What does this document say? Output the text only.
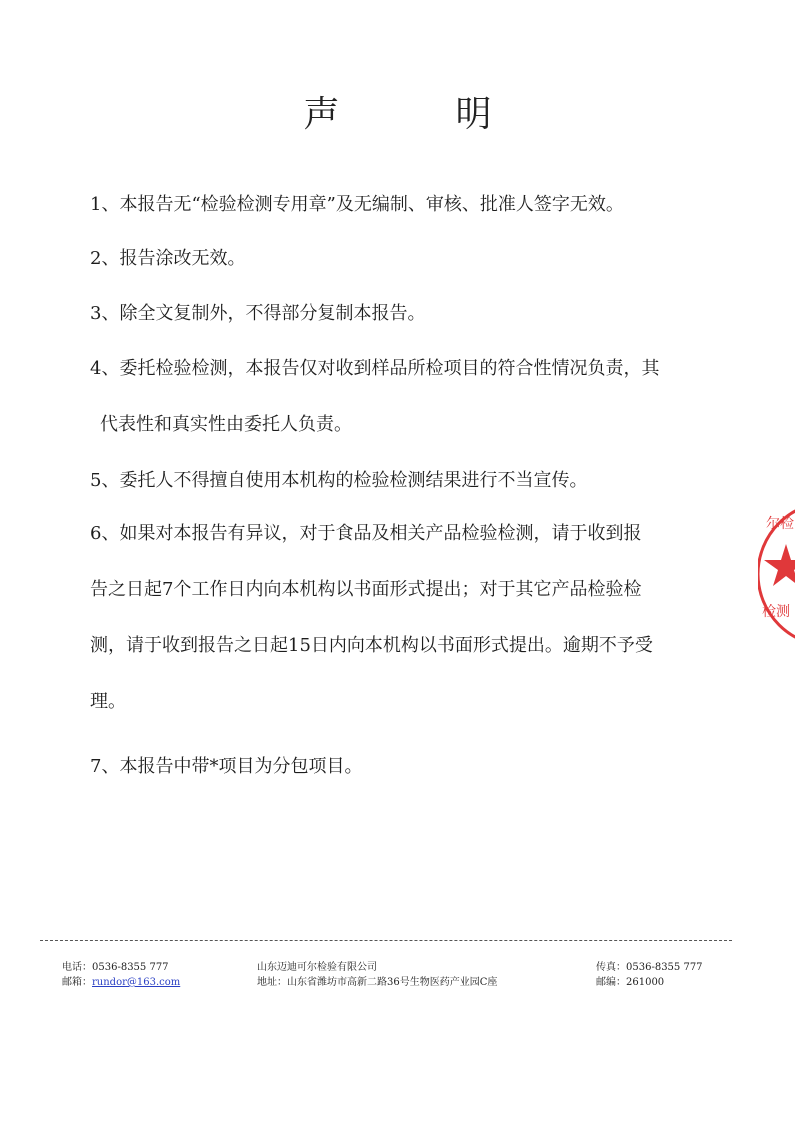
声　明
1、本报告无“检验检测专用章”及无编制、审核、批准人签字无效。
2、报告涂改无效。
3、除全文复制外，不得部分复制本报告。
4、委托检验检测，本报告仅对收到样品所检项目的符合性情况负责，其
代表性和真实性由委托人负责。
5、委托人不得擅自使用本机构的检验检测结果进行不当宣传。
6、如果对本报告有异议，对于食品及相关产品检验检测，请于收到报
告之日起7个工作日内向本机构以书面形式提出；对于其它产品检验检
测，请于收到报告之日起15日内向本机构以书面形式提出。逾期不予受
理。
7、本报告中带*项目为分包项目。
尔检
检测
电话：0536-8355 777
邮箱：rundor@163.com
山东迈迪可尔检验有限公司
地址：山东省潍坊市高新二路36号生物医药产业园C座
传真：0536-8355 777
邮编：261000
